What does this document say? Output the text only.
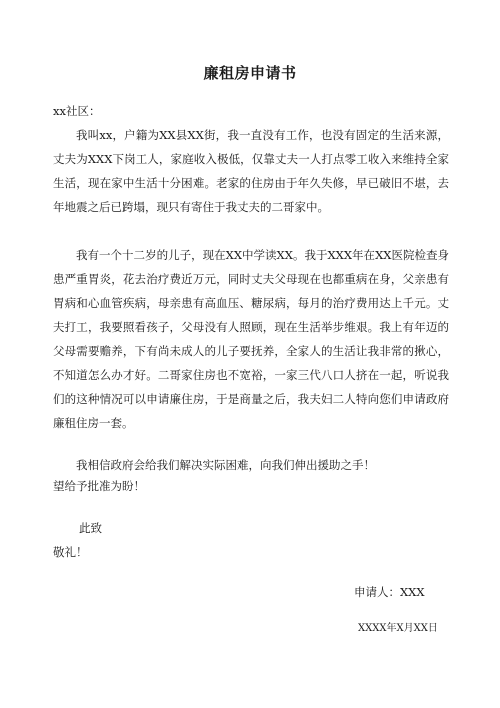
廉租房申请书
xx社区：
我叫xx，户籍为XX县XX街，我一直没有工作，也没有固定的生活来源，丈夫为XXX下岗工人，家庭收入极低，仅靠丈夫一人打点零工收入来维持全家生活，现在家中生活十分困难。老家的住房由于年久失修，早已破旧不堪，去年地震之后已跨塌，现只有寄住于我丈夫的二哥家中。
我有一个十二岁的儿子，现在XX中学读XX。我于XXX年在XX医院检查身患严重胃炎，花去治疗费近万元，同时丈夫父母现在也都重病在身，父亲患有胃病和心血管疾病，母亲患有高血压、糖尿病，每月的治疗费用达上千元。丈夫打工，我要照看孩子，父母没有人照顾，现在生活举步维艰。我上有年迈的父母需要赡养，下有尚未成人的儿子要抚养，全家人的生活让我非常的揪心，不知道怎么办才好。二哥家住房也不宽裕，一家三代八口人挤在一起，听说我们的这种情况可以申请廉住房，于是商量之后，我夫妇二人特向您们申请政府廉租住房一套。
我相信政府会给我们解决实际困难，向我们伸出援助之手！
望给予批准为盼！
此致
敬礼！
申请人：XXX
XXXX年X月XX日
